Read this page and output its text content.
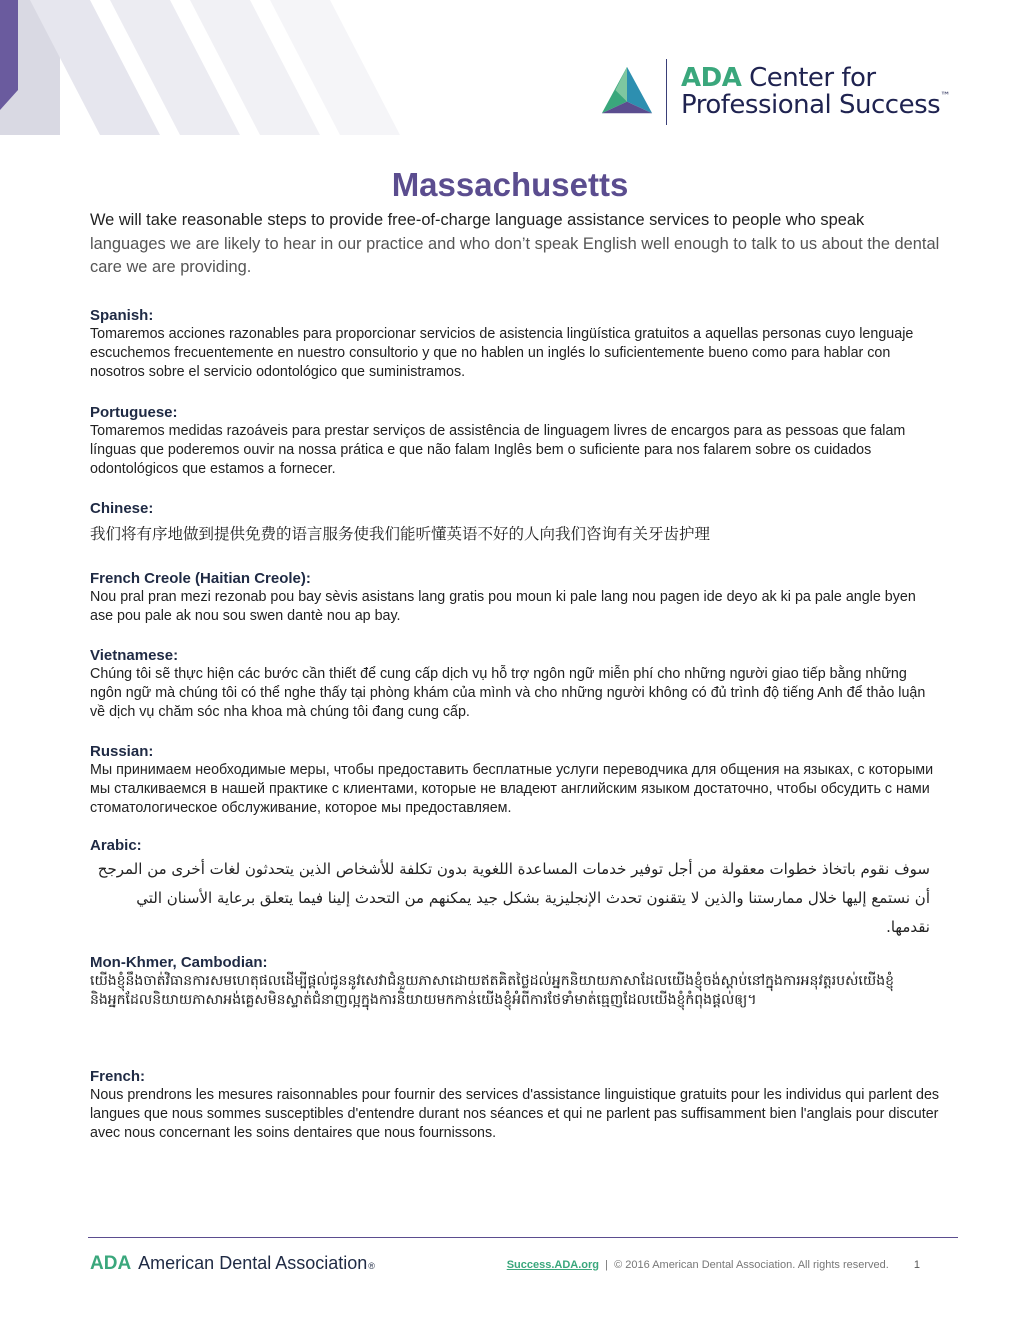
ADA Center for
Professional Success™
Massachusetts

We will take reasonable steps to provide free-of-charge language assistance services to people who speak languages we are likely to hear in our practice and who don’t speak English well enough to talk to us about the dental care we are providing.

Spanish:

Tomaremos acciones razonables para proporcionar servicios de asistencia lingüística gratuitos a aquellas personas cuyo lenguaje escuchemos frecuentemente en nuestro consultorio y que no hablen un inglés lo suficientemente bueno como para hablar con nosotros sobre el servicio odontológico que suministramos.

Portuguese:

Tomaremos medidas razoáveis para prestar serviços de assistência de linguagem livres de encargos para as pessoas que falam línguas que poderemos ouvir na nossa prática e que não falam Inglês bem o suficiente para nos falarem sobre os cuidados odontológicos que estamos a fornecer.

Chinese:

我们将有序地做到提供免费的语言服务使我们能听懂英语不好的人向我们咨询有关牙齿护理

French Creole (Haitian Creole):

Nou pral pran mezi rezonab pou bay sèvis asistans lang gratis pou moun ki pale lang nou pagen ide deyo ak ki pa pale angle byen ase pou pale ak nou sou swen dantè nou ap bay.

Vietnamese:

Chúng tôi sẽ thực hiện các bước cần thiết để cung cấp dịch vụ hỗ trợ ngôn ngữ miễn phí cho những người giao tiếp bằng những ngôn ngữ mà chúng tôi có thể nghe thấy tại phòng khám của mình và cho những người không có đủ trình độ tiếng Anh để thảo luận về dịch vụ chăm sóc nha khoa mà chúng tôi đang cung cấp.

Russian:

Мы принимаем необходимые меры, чтобы предоставить бесплатные услуги переводчика для общения на языках, с которыми мы сталкиваемся в нашей практике с клиентами, которые не владеют английским языком достаточно, чтобы обсудить с нами стоматологическое обслуживание, которое мы предоставляем.

Arabic:

سوف نقوم باتخاذ خطوات معقولة من أجل توفير خدمات المساعدة اللغوية بدون تكلفة للأشخاص الذين يتحدثون لغات أخرى من المرجح أن نستمع إليها خلال ممارستنا والذين لا يتقنون تحدث الإنجليزية بشكل جيد يمكنهم من التحدث إلينا فيما يتعلق برعاية الأسنان التي نقدمها.

Mon-Khmer, Cambodian:

យើងខ្ញុំនឹងចាត់វិធានការសមហេតុផលដើម្បីផ្តល់ជូននូវសេវាជំនួយភាសាដោយឥតគិតថ្លៃដល់អ្នកនិយាយភាសាដែលយើងខ្ញុំចង់ស្តាប់នៅក្នុងការអនុវត្តរបស់យើងខ្ញុំ

និងអ្នកដែលនិយាយភាសាអង់គ្លេសមិនស្ទាត់ជំនាញល្អក្នុងការនិយាយមកកាន់យើងខ្ញុំអំពីការថែទាំមាត់ធ្មេញដែលយើងខ្ញុំកំពុងផ្តល់ឲ្យ។

French:

Nous prendrons les mesures raisonnables pour fournir des services d'assistance linguistique gratuits pour les individus qui parlent des langues que nous sommes susceptibles d'entendre durant nos séances et qui ne parlent pas suffisamment bien l'anglais pour discuter avec nous concernant les soins dentaires que nous fournissons.

ADA American Dental Association ®	Success.ADA.org | © 2016 American Dental Association. All rights reserved. 1
